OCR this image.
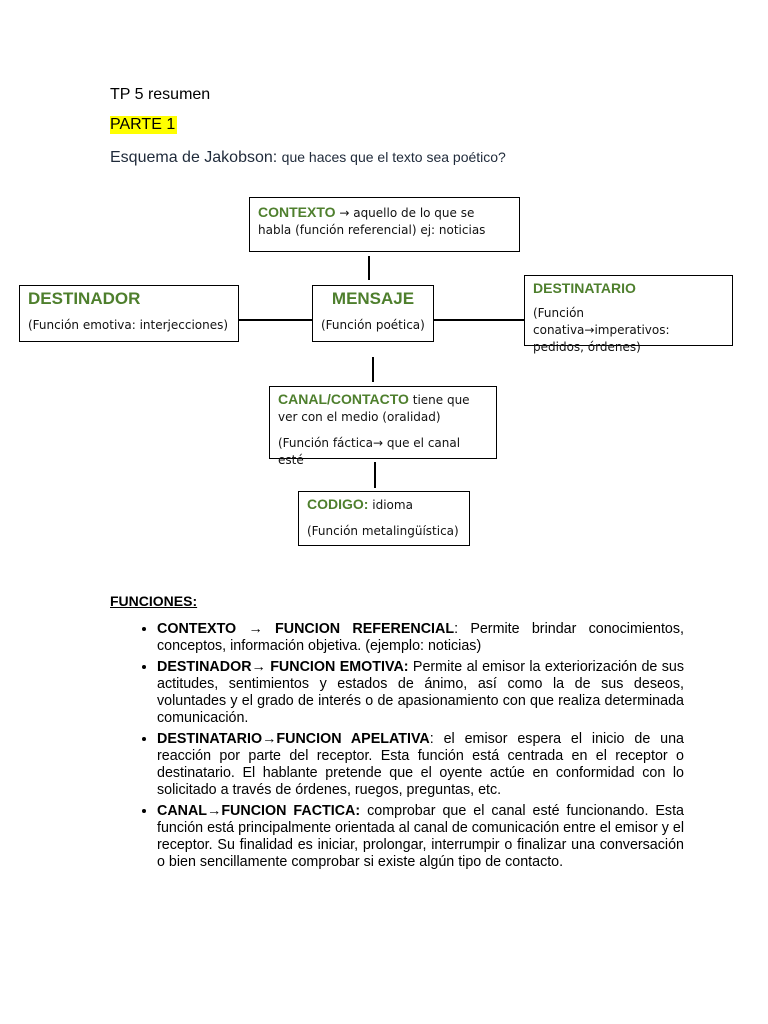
TP 5 resumen
PARTE 1
Esquema de Jakobson: que haces que el texto sea poético?

CONTEXTO → aquello de lo que se habla (función referencial) ej: noticias

DESTINADOR

(Función emotiva: interjecciones)

MENSAJE

(Función poética)

DESTINATARIO

(Función conativa→imperativos: pedidos, órdenes)

CANAL/CONTACTO tiene que ver con el medio (oralidad)

(Función fáctica→ que el canal esté

CODIGO: idioma

(Función metalingüística)

FUNCIONES:
• CONTEXTO → FUNCION REFERENCIAL: Permite brindar conocimientos, conceptos, información objetiva. (ejemplo: noticias)
• DESTINADOR→ FUNCION EMOTIVA: Permite al emisor la exteriorización de sus actitudes, sentimientos y estados de ánimo, así como la de sus deseos, voluntades y el grado de interés o de apasionamiento con que realiza determinada comunicación.
• DESTINATARIO→FUNCION APELATIVA: el emisor espera el inicio de una reacción por parte del receptor. Esta función está centrada en el receptor o destinatario. El hablante pretende que el oyente actúe en conformidad con lo solicitado a través de órdenes, ruegos, preguntas, etc.
• CANAL→FUNCION FACTICA: comprobar que el canal esté funcionando. Esta función está principalmente orientada al canal de comunicación entre el emisor y el receptor. Su finalidad es iniciar, prolongar, interrumpir o finalizar una conversación o bien sencillamente comprobar si existe algún tipo de contacto.
